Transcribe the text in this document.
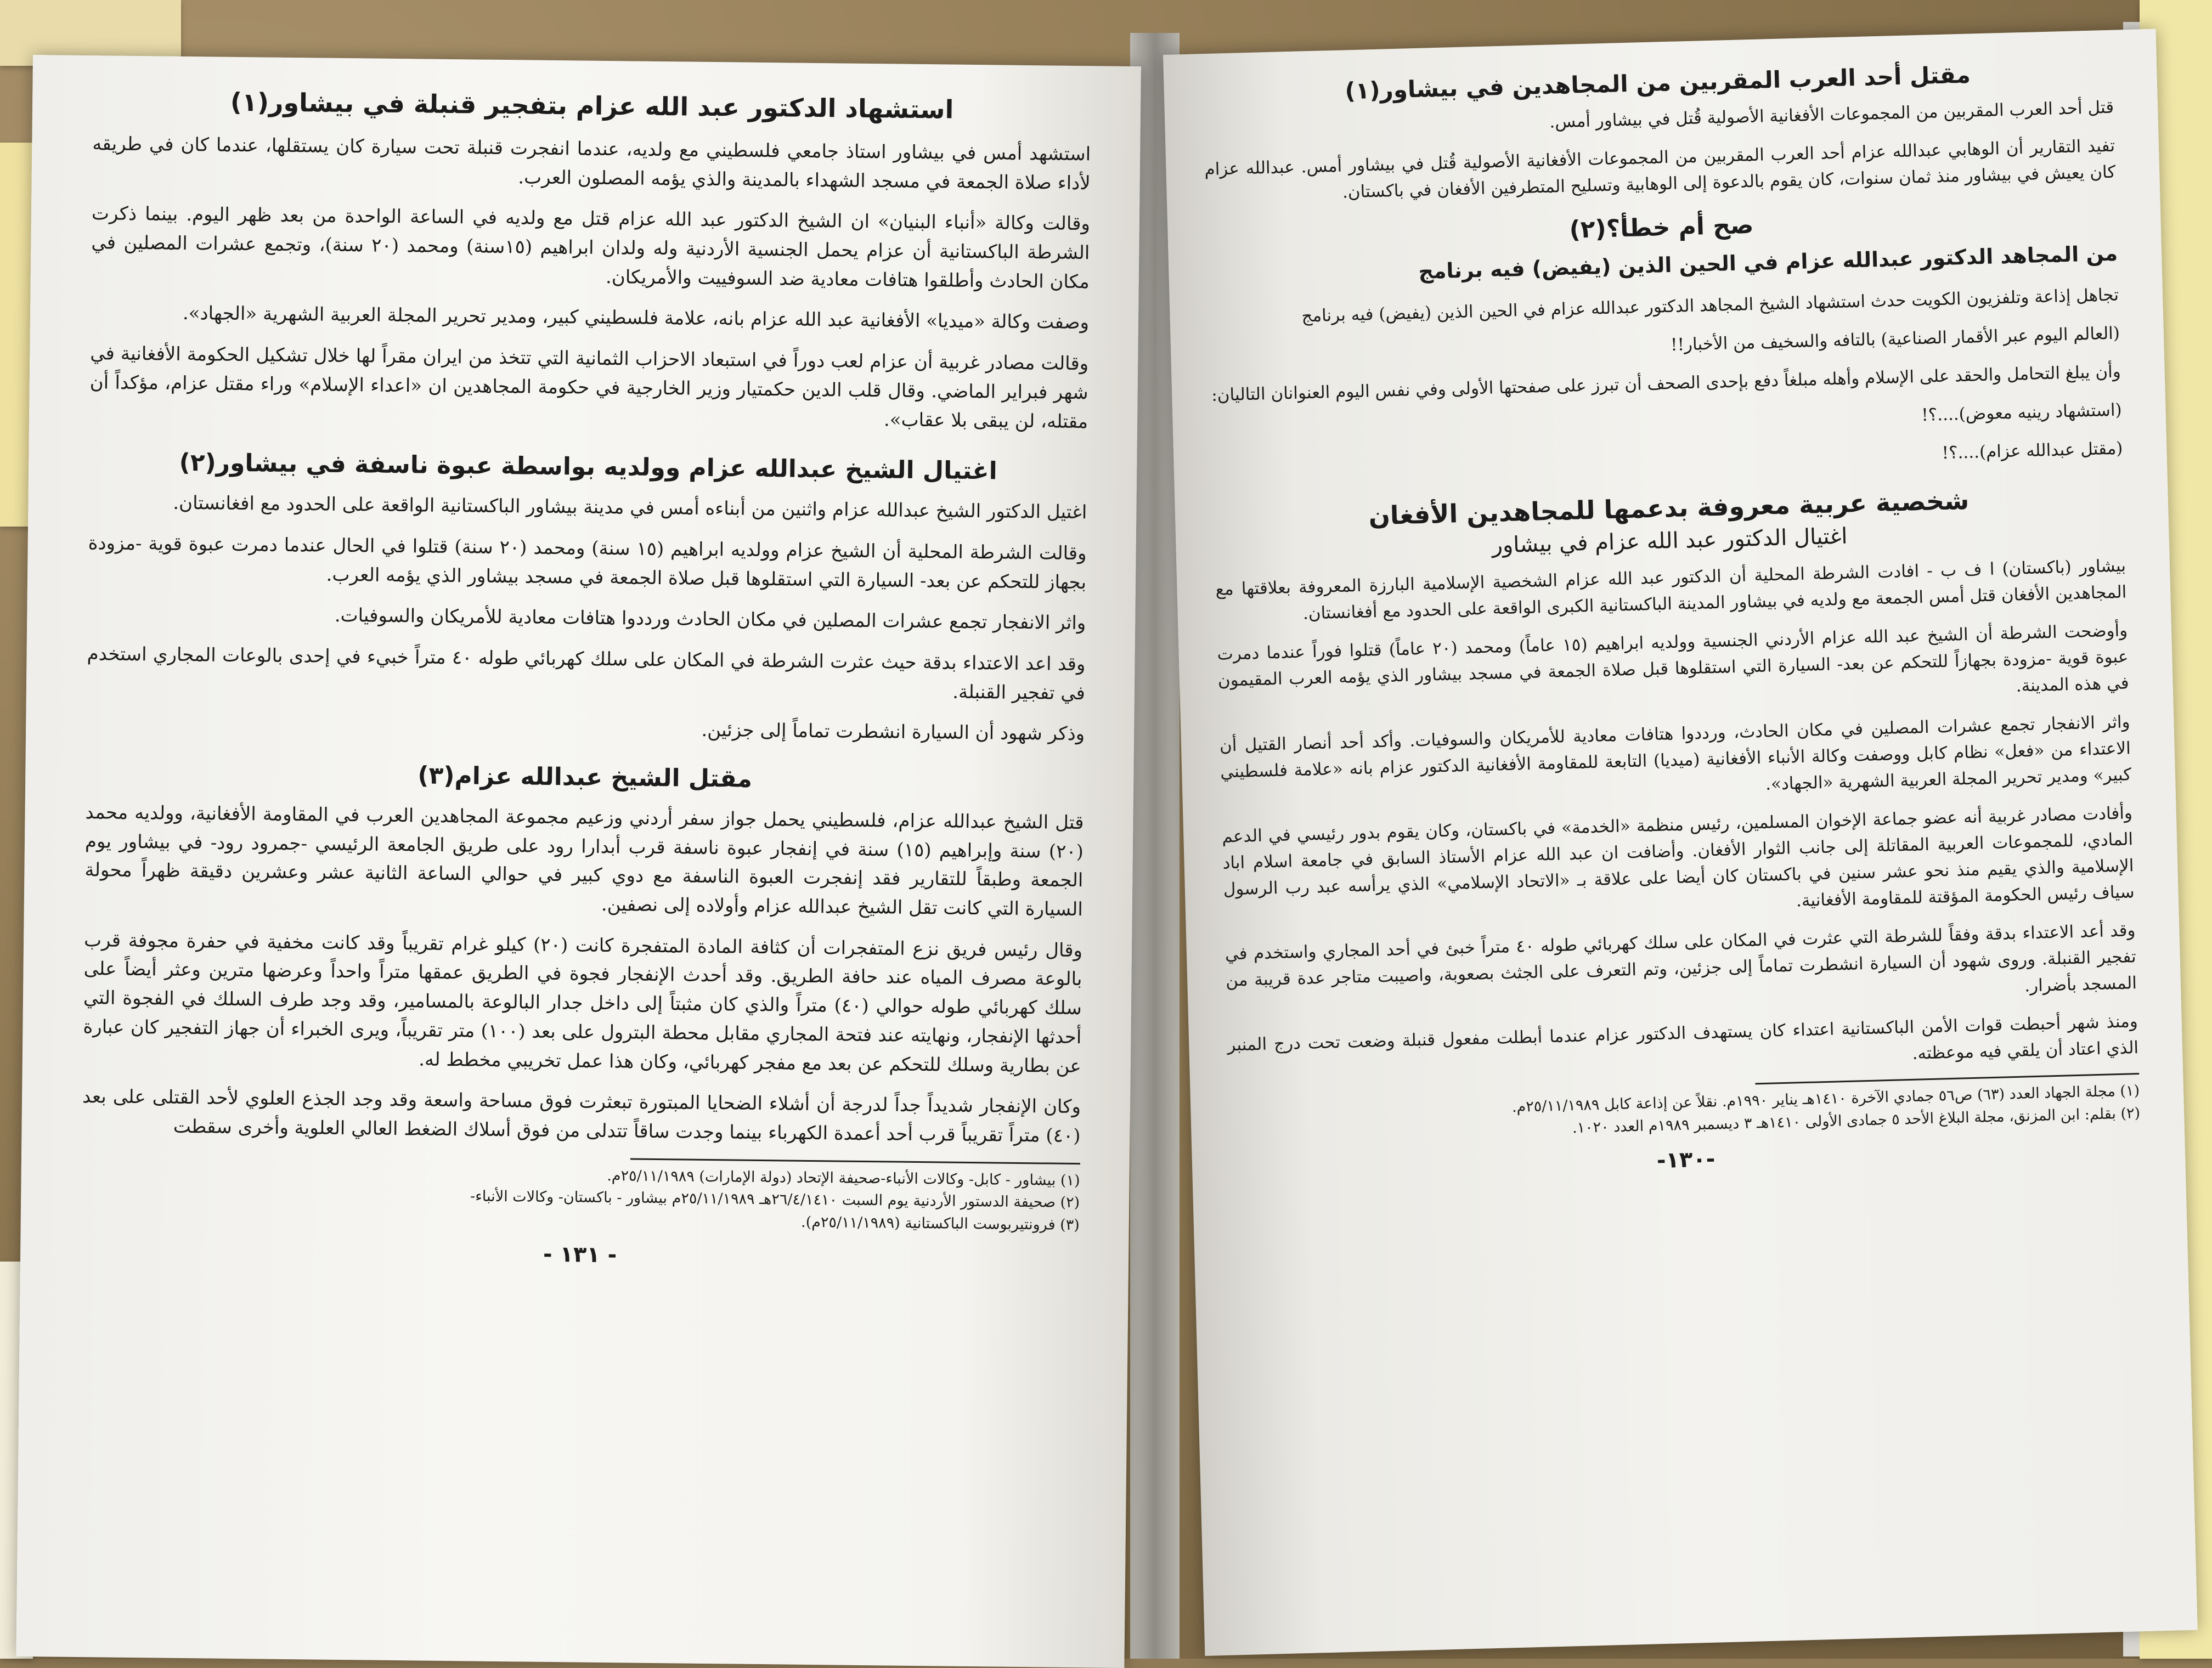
استشهاد الدكتور عبد الله عزام بتفجير قنبلة في بيشاور(١)

استشهد أمس في بيشاور استاذ جامعي فلسطيني مع ولديه، عندما انفجرت قنبلة تحت سيارة كان يستقلها، عندما كان في طريقه لأداء صلاة الجمعة في مسجد الشهداء بالمدينة والذي يؤمه المصلون العرب.

وقالت وكالة «أنباء البنيان» ان الشيخ الدكتور عبد الله عزام قتل مع ولديه في الساعة الواحدة من بعد ظهر اليوم. بينما ذكرت الشرطة الباكستانية أن عزام يحمل الجنسية الأردنية وله ولدان ابراهيم (١٥سنة) ومحمد (٢٠ سنة)، وتجمع عشرات المصلين في مكان الحادث وأطلقوا هتافات معادية ضد السوفييت والأمريكان.

وصفت وكالة «ميديا» الأفغانية عبد الله عزام بانه، علامة فلسطيني كبير، ومدير تحرير المجلة العربية الشهرية «الجهاد».

وقالت مصادر غربية أن عزام لعب دوراً في استبعاد الاحزاب الثمانية التي تتخذ من ايران مقراً لها خلال تشكيل الحكومة الأفغانية في شهر فبراير الماضي. وقال قلب الدين حكمتيار وزير الخارجية في حكومة المجاهدين ان «اعداء الإسلام» وراء مقتل عزام، مؤكداً أن مقتله، لن يبقى بلا عقاب».

اغتيال الشيخ عبدالله عزام وولديه بواسطة عبوة ناسفة في بيشاور(٢)

اغتيل الدكتور الشيخ عبدالله عزام واثنين من أبناءه أمس في مدينة بيشاور الباكستانية الواقعة على الحدود مع افغانستان.

وقالت الشرطة المحلية أن الشيخ عزام وولديه ابراهيم (١٥ سنة) ومحمد (٢٠ سنة) قتلوا في الحال عندما دمرت عبوة قوية -مزودة بجهاز للتحكم عن بعد- السيارة التي استقلوها قبل صلاة الجمعة في مسجد بيشاور الذي يؤمه العرب.

واثر الانفجار تجمع عشرات المصلين في مكان الحادث ورددوا هتافات معادية للأمريكان والسوفيات.

وقد اعد الاعتداء بدقة حيث عثرت الشرطة في المكان على سلك كهربائي طوله ٤٠ متراً خبيء في إحدى بالوعات المجاري استخدم في تفجير القنبلة.

وذكر شهود أن السيارة انشطرت تماماً إلى جزئين.

مقتل الشيخ عبدالله عزام(٣)

قتل الشيخ عبدالله عزام، فلسطيني يحمل جواز سفر أردني وزعيم مجموعة المجاهدين العرب في المقاومة الأفغانية، وولديه محمد (٢٠) سنة وإبراهيم (١٥) سنة في إنفجار عبوة ناسفة قرب أبدارا رود على طريق الجامعة الرئيسي -جمرود رود- في بيشاور يوم الجمعة وطبقاً للتقارير فقد إنفجرت العبوة الناسفة مع دوي كبير في حوالي الساعة الثانية عشر وعشرين دقيقة ظهراً محولة السيارة التي كانت تقل الشيخ عبدالله عزام وأولاده إلى نصفين.

وقال رئيس فريق نزع المتفجرات أن كثافة المادة المتفجرة كانت (٢٠) كيلو غرام تقريباً وقد كانت مخفية في حفرة مجوفة قرب بالوعة مصرف المياه عند حافة الطريق. وقد أحدث الإنفجار فجوة في الطريق عمقها متراً واحداً وعرضها مترين وعثر أيضاً على سلك كهربائي طوله حوالي (٤٠) متراً والذي كان مثبتاً إلى داخل جدار البالوعة بالمسامير، وقد وجد طرف السلك في الفجوة التي أحدثها الإنفجار، ونهايته عند فتحة المجاري مقابل محطة البترول على بعد (١٠٠) متر تقريباً، ويرى الخبراء أن جهاز التفجير كان عبارة عن بطارية وسلك للتحكم عن بعد مع مفجر كهربائي، وكان هذا عمل تخريبي مخطط له.

وكان الإنفجار شديداً جداً لدرجة أن أشلاء الضحايا المبتورة تبعثرت فوق مساحة واسعة وقد وجد الجذع العلوي لأحد القتلى على بعد (٤٠) متراً تقريباً قرب أحد أعمدة الكهرباء بينما وجدت ساقاً تتدلى من فوق أسلاك الضغط العالي العلوية وأخرى سقطت

(١) بيشاور - كابل- وكالات الأنباء-صحيفة الإتحاد (دولة الإمارات) ٢٥/١١/١٩٨٩م.

(٢) صحيفة الدستور الأردنية يوم السبت ٢٦/٤/١٤١٠هـ ٢٥/١١/١٩٨٩م بيشاور - باكستان- وكالات الأنباء-

(٣) فرونتيربوست الباكستانية (٢٥/١١/١٩٨٩م).

- ١٣١ -
مقتل أحد العرب المقربين من المجاهدين في بيشاور(١)

قتل أحد العرب المقربين من المجموعات الأفغانية الأصولية قُتل في بيشاور أمس.

تفيد التقارير أن الوهابي عبدالله عزام أحد العرب المقربين من المجموعات الأفغانية الأصولية قُتل في بيشاور أمس. عبدالله عزام كان يعيش في بيشاور منذ ثمان سنوات، كان يقوم بالدعوة إلى الوهابية وتسليح المتطرفين الأفغان في باكستان.

صح أم خطأ؟(٢)

من المجاهد الدكتور عبدالله عزام في الحين الذين (يفيض) فيه برنامج

تجاهل إذاعة وتلفزيون الكويت حدث استشهاد الشيخ المجاهد الدكتور عبدالله عزام في الحين الذين (يفيض) فيه برنامج

(العالم اليوم عبر الأقمار الصناعية) بالتافه والسخيف من الأخبار!!

وأن يبلغ التحامل والحقد على الإسلام وأهله مبلغاً دفع بإحدى الصحف أن تبرز على صفحتها الأولى وفي نفس اليوم العنوانان التاليان:

(استشهاد رينيه معوض)....؟!

(مقتل عبدالله عزام)....؟!

شخصية عربية معروفة بدعمها للمجاهدين الأفغان
اغتيال الدكتور عبد الله عزام في بيشاور

بيشاور (باكستان) ا ف ب - افادت الشرطة المحلية أن الدكتور عبد الله عزام الشخصية الإسلامية البارزة المعروفة بعلاقتها مع المجاهدين الأفغان قتل أمس الجمعة مع ولديه في بيشاور المدينة الباكستانية الكبرى الواقعة على الحدود مع أفغانستان.

وأوضحت الشرطة أن الشيخ عبد الله عزام الأردني الجنسية وولديه ابراهيم (١٥ عاماً) ومحمد (٢٠ عاماً) قتلوا فوراً عندما دمرت عبوة قوية -مزودة بجهازاً للتحكم عن بعد- السيارة التي استقلوها قبل صلاة الجمعة في مسجد بيشاور الذي يؤمه العرب المقيمون في هذه المدينة.

واثر الانفجار تجمع عشرات المصلين في مكان الحادث، ورددوا هتافات معادية للأمريكان والسوفيات. وأكد أحد أنصار القتيل أن الاعتداء من «فعل» نظام كابل ووصفت وكالة الأنباء الأفغانية (ميديا) التابعة للمقاومة الأفغانية الدكتور عزام بانه «علامة فلسطيني كبير» ومدير تحرير المجلة العربية الشهرية «الجهاد».

وأفادت مصادر غربية أنه عضو جماعة الإخوان المسلمين، رئيس منظمة «الخدمة» في باكستان، وكان يقوم بدور رئيسي في الدعم المادي، للمجموعات العربية المقاتلة إلى جانب الثوار الأفغان. وأضافت ان عبد الله عزام الأستاذ السابق في جامعة اسلام اباد الإسلامية والذي يقيم منذ نحو عشر سنين في باكستان كان أيضا على علاقة بـ «الاتحاد الإسلامي» الذي يرأسه عبد رب الرسول سياف رئيس الحكومة المؤقتة للمقاومة الأفغانية.

وقد أعد الاعتداء بدقة وفقاً للشرطة التي عثرت في المكان على سلك كهربائي طوله ٤٠ متراً خبئ في أحد المجاري واستخدم في تفجير القنبلة. وروى شهود أن السيارة انشطرت تماماً إلى جزئين، وتم التعرف على الجثث بصعوبة، واصيبت متاجر عدة قريبة من المسجد بأضرار.

ومنذ شهر أحبطت قوات الأمن الباكستانية اعتداء كان يستهدف الدكتور عزام عندما أبطلت مفعول قنبلة وضعت تحت درج المنبر الذي اعتاد أن يلقي فيه موعظته.

(١) مجلة الجهاد العدد (٦٣) ص٥٦ جمادي الآخرة ١٤١٠هـ يناير ١٩٩٠م. نقلاً عن إذاعة كابل ٢٥/١١/١٩٨٩م.

(٢) بقلم: ابن المزنق، مجلة البلاغ الأحد ٥ جمادى الأولى ١٤١٠هـ ٣ ديسمبر ١٩٨٩م العدد ١٠٢٠.

-١٣٠-
